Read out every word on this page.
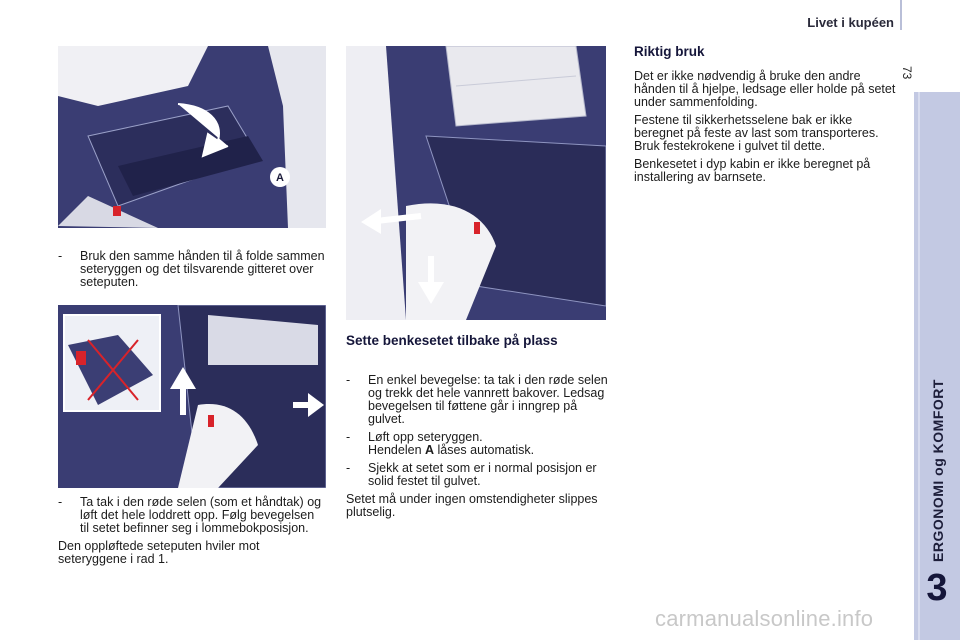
Livet i kupéen
73
ERGONOMI og KOMFORT
3
A
-	Bruk den samme hånden til å folde sammen seteryggen og det tilsvarende gitteret over seteputen.
-	Ta tak i den røde selen (som et håndtak) og løft det hele loddrett opp. Følg bevegelsen til setet befinner seg i lommebokposisjon.

Den oppløftede seteputen hviler mot seteryggene i rad 1.

Sette benkesetet tilbake på plass
-	En enkel bevegelse: ta tak i den røde selen og trekk det hele vannrett bakover. Ledsag bevegelsen til føttene går i inngrep på gulvet.
-	Løft opp seteryggen.
Hendelen A låses automatisk.
-	Sjekk at setet som er i normal posisjon er solid festet til gulvet.

Setet må under ingen omstendigheter slippes plutselig.

Riktig bruk

Det er ikke nødvendig å bruke den andre hånden til å hjelpe, ledsage eller holde på setet under sammenfolding.

Festene til sikkerhetsselene bak er ikke beregnet på feste av last som transporteres. Bruk festekrokene i gulvet til dette.

Benkesetet i dyp kabin er ikke beregnet på installering av barnsete.

carmanualsonline.info
